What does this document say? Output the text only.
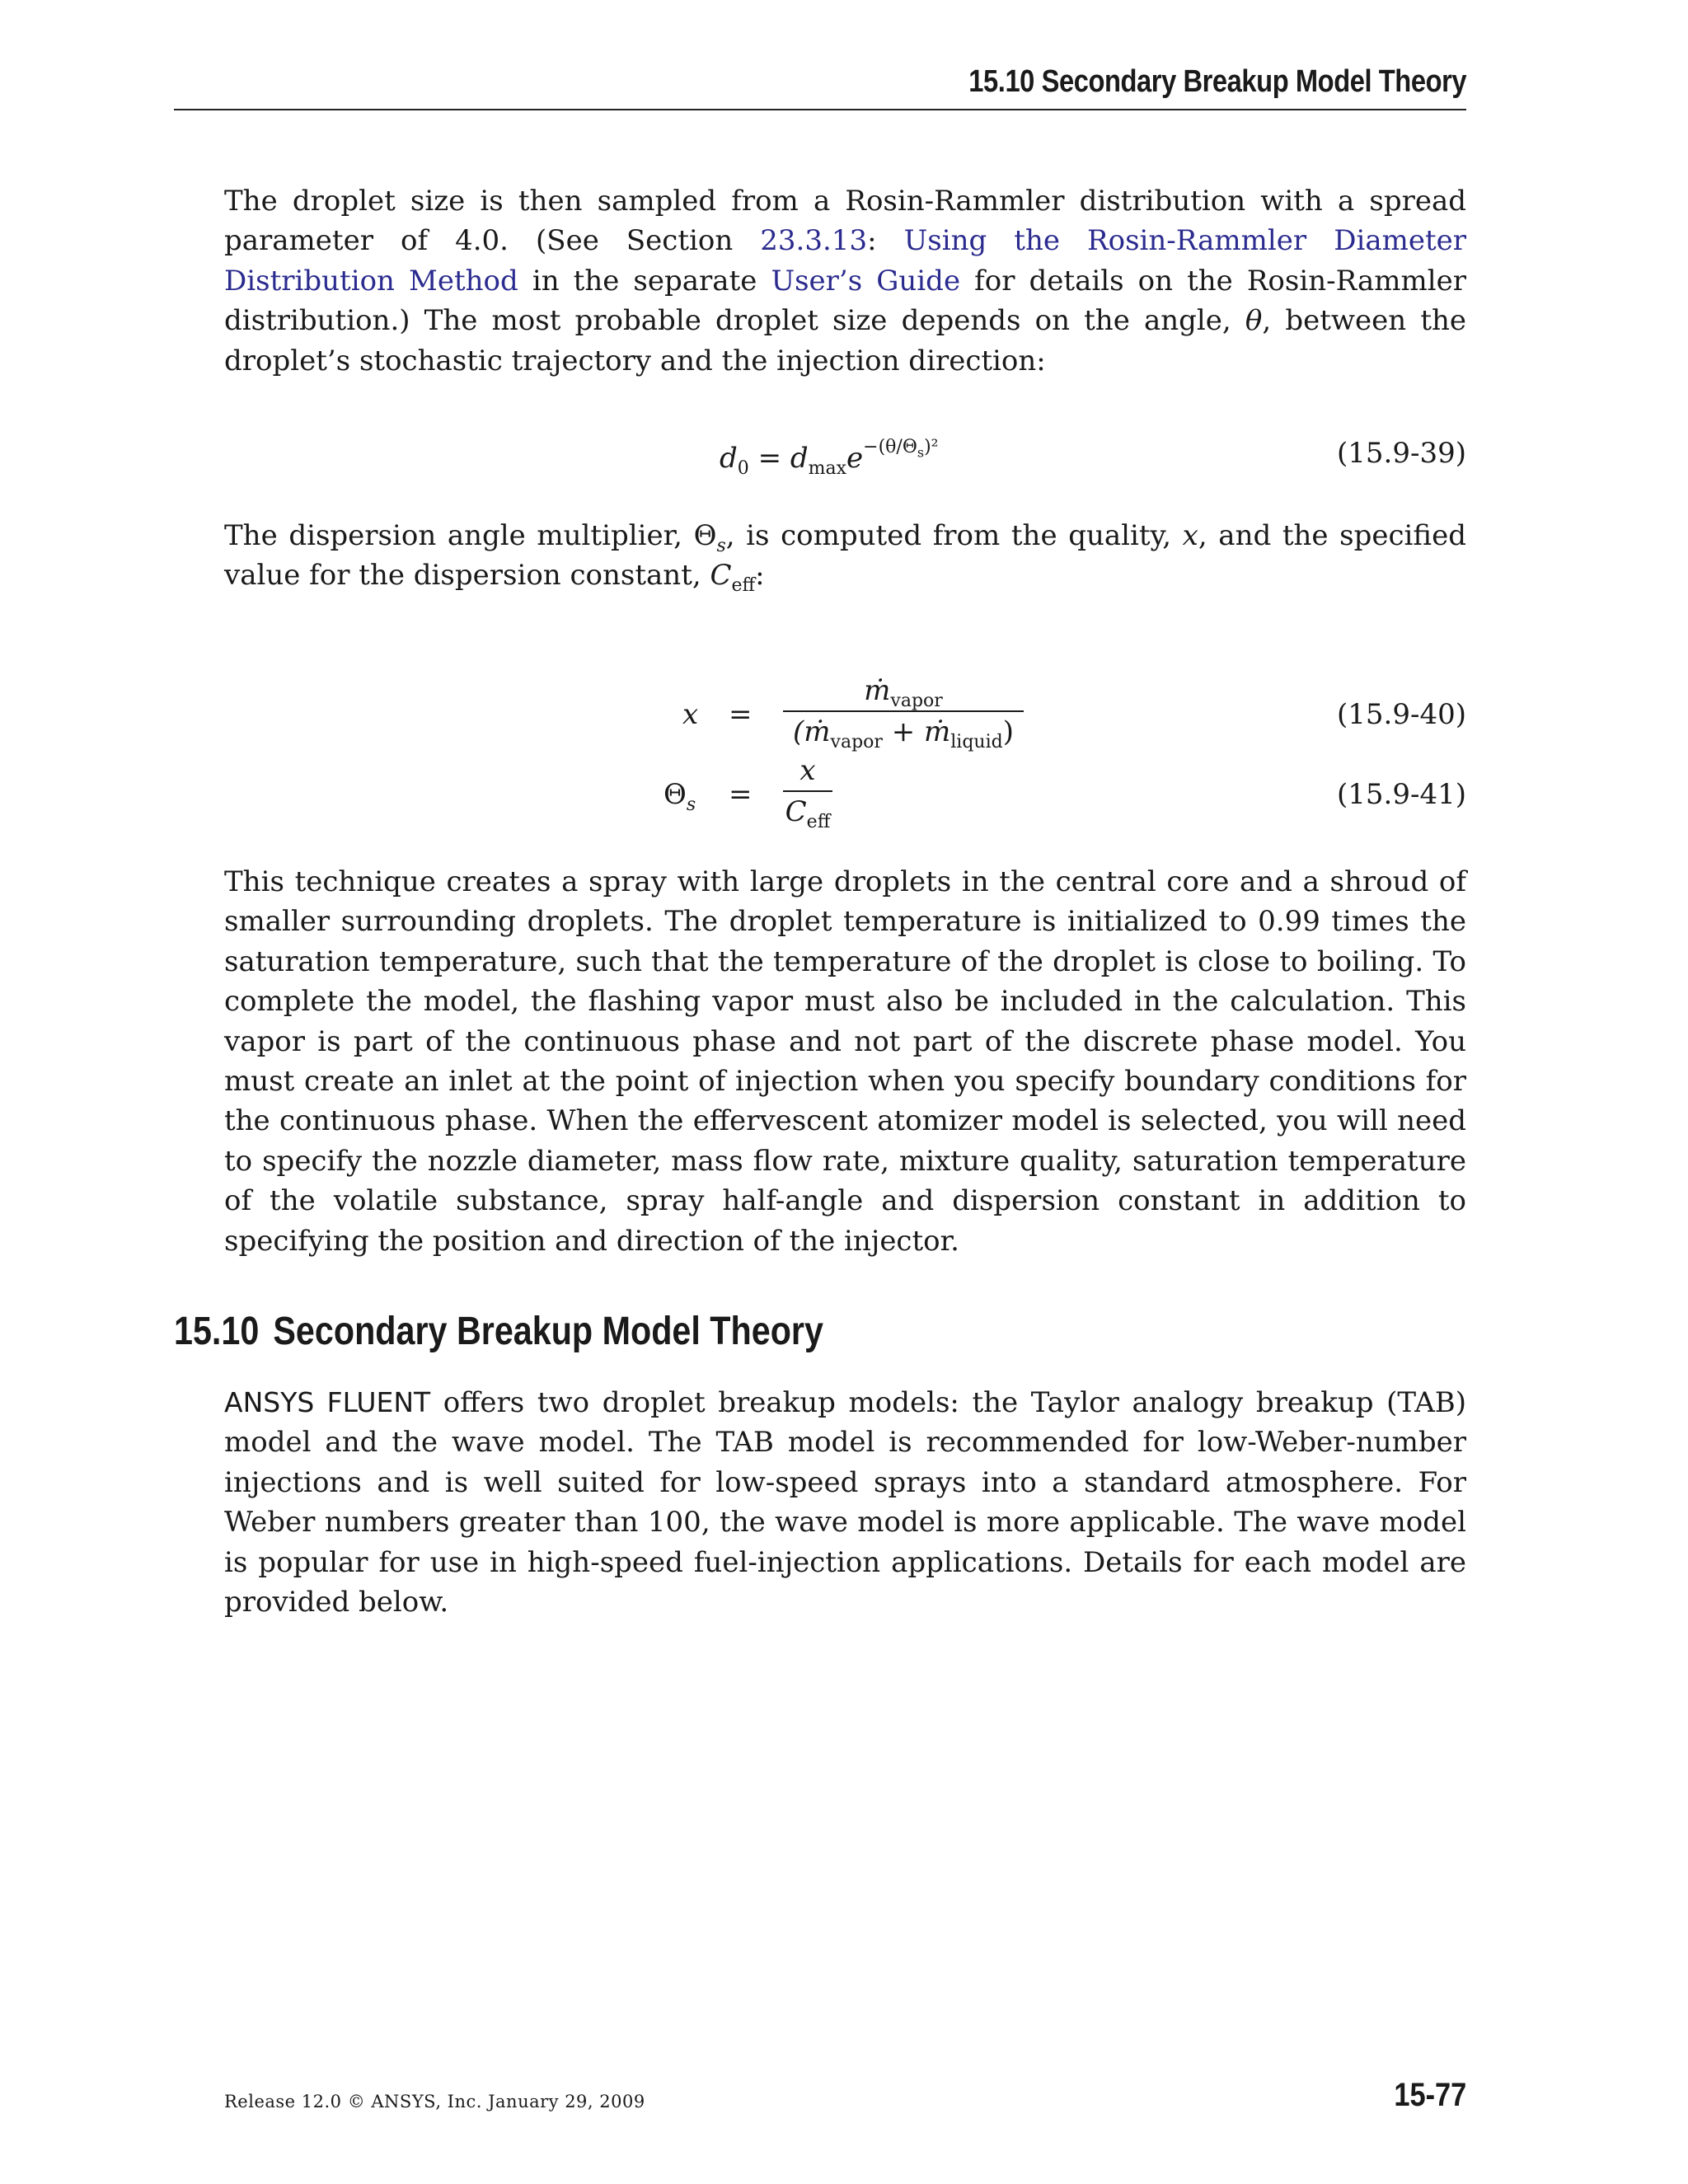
15.10 Secondary Breakup Model Theory

The droplet size is then sampled from a Rosin-Rammler distribution with a spread parameter of 4.0. (See Section 23.3.13: Using the Rosin-Rammler Diameter Distribution Method in the separate User’s Guide for details on the Rosin-Rammler distribution.) The most probable droplet size depends on the angle, θ, between the droplet’s stochastic trajectory and the injection direction:

$d_0 = d_{max}e^{-(\theta/\Theta_s)^2}$	(15.9-39)

The dispersion angle multiplier, $\Theta_s$, is computed from the quality, x, and the specified value for the dispersion constant, $C_{eff}$:

x =
ṁ$_{vapor}$
(ṁ$_{vapor}$ + ṁ$_{liquid}$)
(15.9-40)
$\Theta_s$ =
x
$C_{eff}$
(15.9-41)

This technique creates a spray with large droplets in the central core and a shroud of smaller surrounding droplets. The droplet temperature is initialized to 0.99 times the saturation temperature, such that the temperature of the droplet is close to boiling. To complete the model, the flashing vapor must also be included in the calculation. This vapor is part of the continuous phase and not part of the discrete phase model. You must create an inlet at the point of injection when you specify boundary conditions for the continuous phase. When the effervescent atomizer model is selected, you will need to specify the nozzle diameter, mass flow rate, mixture quality, saturation temperature of the volatile substance, spray half-angle and dispersion constant in addition to specifying the position and direction of the injector.

15.10 Secondary Breakup Model Theory

ANSYS FLUENT offers two droplet breakup models: the Taylor analogy breakup (TAB) model and the wave model. The TAB model is recommended for low-Weber-number injections and is well suited for low-speed sprays into a standard atmosphere. For Weber numbers greater than 100, the wave model is more applicable. The wave model is popular for use in high-speed fuel-injection applications. Details for each model are provided below.

Release 12.0 © ANSYS, Inc. January 29, 2009	15-77
